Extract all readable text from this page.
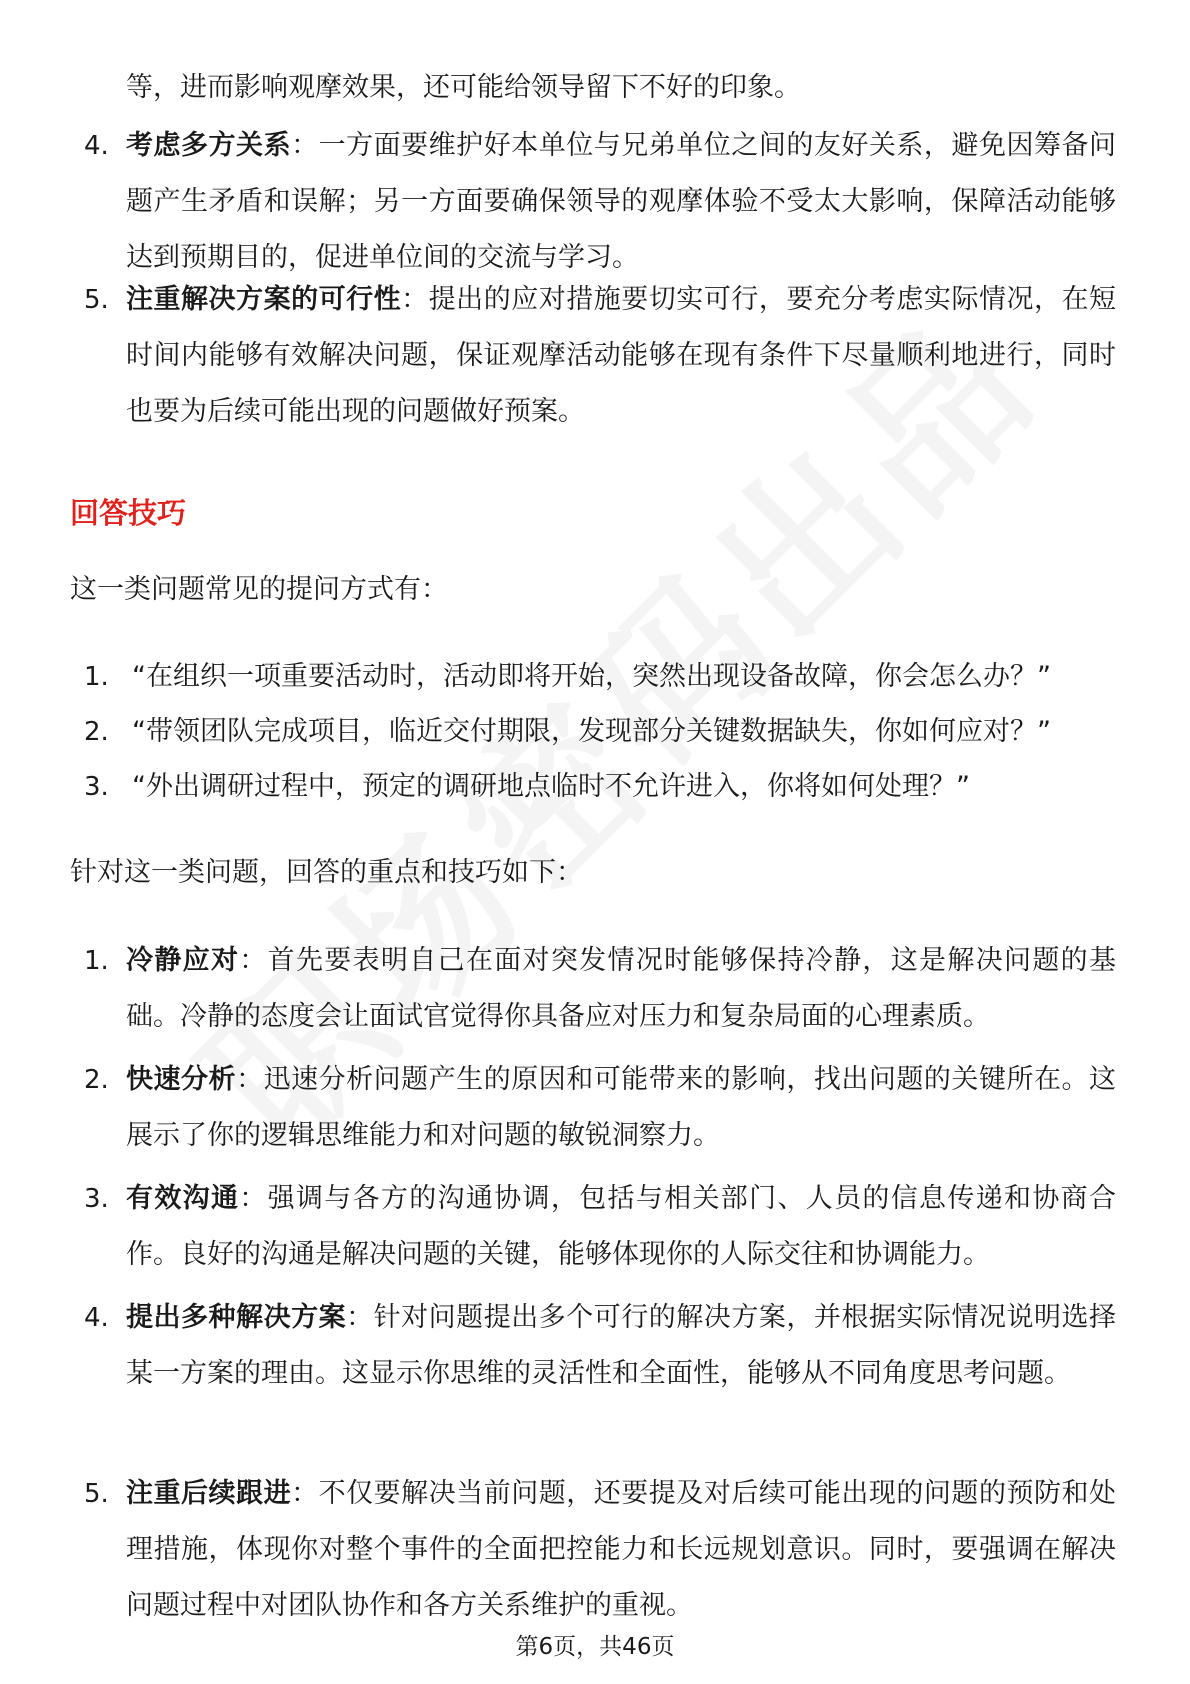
等，进而影响观摩效果，还可能给领导留下不好的印象。
4. 考虑多方关系：一方面要维护好本单位与兄弟单位之间的友好关系，避免因筹备问题产生矛盾和误解；另一方面要确保领导的观摩体验不受太大影响，保障活动能够达到预期目的，促进单位间的交流与学习。
5. 注重解决方案的可行性：提出的应对措施要切实可行，要充分考虑实际情况，在短时间内能够有效解决问题，保证观摩活动能够在现有条件下尽量顺利地进行，同时也要为后续可能出现的问题做好预案。
回答技巧
这一类问题常见的提问方式有：
1. “在组织一项重要活动时，活动即将开始，突然出现设备故障，你会怎么办？”
2. “带领团队完成项目，临近交付期限，发现部分关键数据缺失，你如何应对？”
3. “外出调研过程中，预定的调研地点临时不允许进入，你将如何处理？”
针对这一类问题，回答的重点和技巧如下：
1. 冷静应对：首先要表明自己在面对突发情况时能够保持冷静，这是解决问题的基础。冷静的态度会让面试官觉得你具备应对压力和复杂局面的心理素质。
2. 快速分析：迅速分析问题产生的原因和可能带来的影响，找出问题的关键所在。这展示了你的逻辑思维能力和对问题的敏锐洞察力。
3. 有效沟通：强调与各方的沟通协调，包括与相关部门、人员的信息传递和协商合作。良好的沟通是解决问题的关键，能够体现你的人际交往和协调能力。
4. 提出多种解决方案：针对问题提出多个可行的解决方案，并根据实际情况说明选择某一方案的理由。这显示你思维的灵活性和全面性，能够从不同角度思考问题。
5. 注重后续跟进：不仅要解决当前问题，还要提及对后续可能出现的问题的预防和处理措施，体现你对整个事件的全面把控能力和长远规划意识。同时，要强调在解决问题过程中对团队协作和各方关系维护的重视。
第6页，共46页
